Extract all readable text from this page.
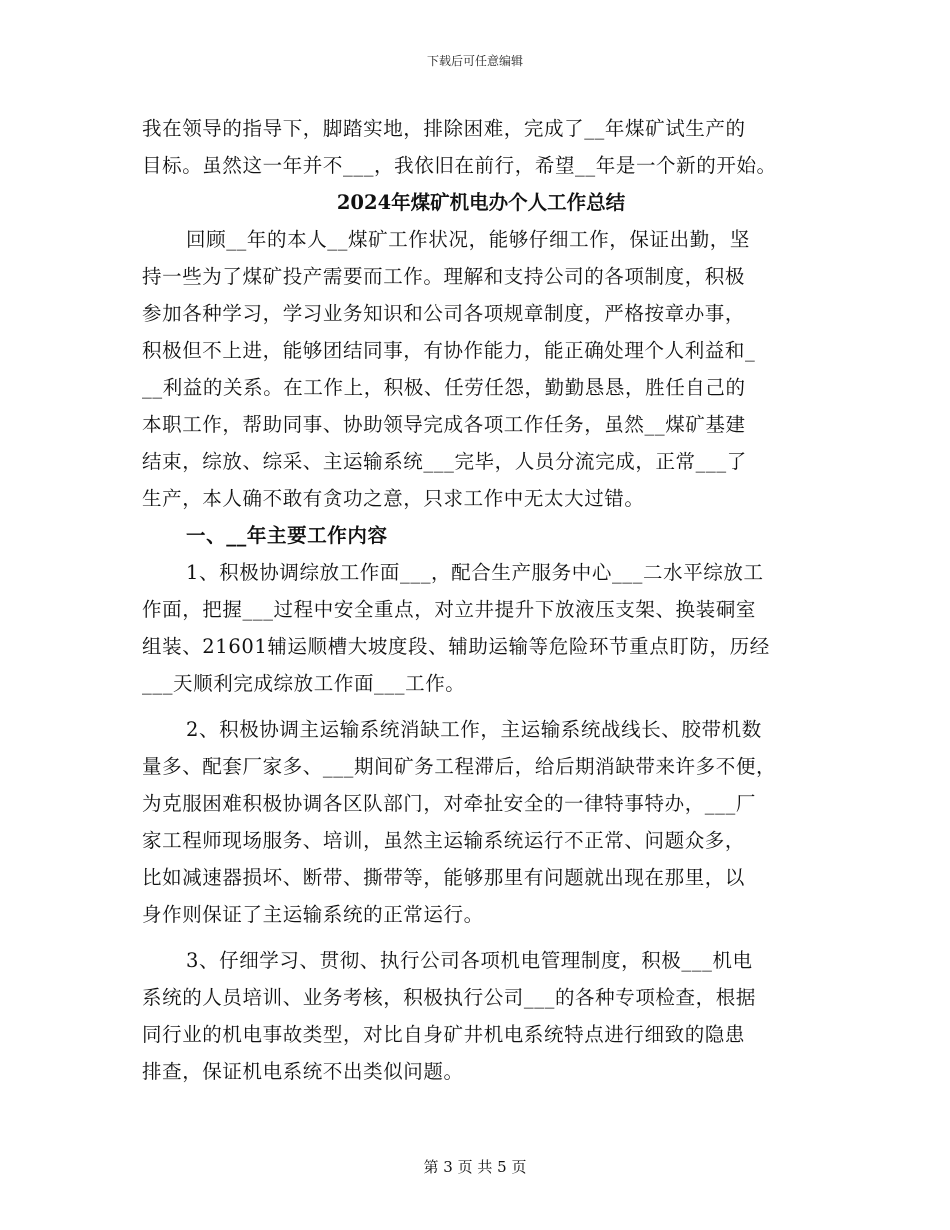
下载后可任意编辑
我在领导的指导下，脚踏实地，排除困难，完成了__年煤矿试生产的
目标。虽然这一年并不___，我依旧在前行，希望__年是一个新的开始。
2024年煤矿机电办个人工作总结
回顾__年的本人__煤矿工作状况，能够仔细工作，保证出勤，坚
持一些为了煤矿投产需要而工作。理解和支持公司的各项制度，积极
参加各种学习，学习业务知识和公司各项规章制度，严格按章办事，
积极但不上进，能够团结同事，有协作能力，能正确处理个人利益和_
__利益的关系。在工作上，积极、任劳任怨，勤勤恳恳，胜任自己的
本职工作，帮助同事、协助领导完成各项工作任务，虽然__煤矿基建
结束，综放、综采、主运输系统___完毕，人员分流完成，正常___了
生产，本人确不敢有贪功之意，只求工作中无太大过错。
一、__年主要工作内容
1、积极协调综放工作面___，配合生产服务中心___二水平综放工
作面，把握___过程中安全重点，对立井提升下放液压支架、换装硐室
组装、21601辅运顺槽大坡度段、辅助运输等危险环节重点盯防，历经
___天顺利完成综放工作面___工作。
2、积极协调主运输系统消缺工作，主运输系统战线长、胶带机数
量多、配套厂家多、___期间矿务工程滞后，给后期消缺带来许多不便，
为克服困难积极协调各区队部门，对牵扯安全的一律特事特办，___厂
家工程师现场服务、培训，虽然主运输系统运行不正常、问题众多，
比如减速器损坏、断带、撕带等，能够那里有问题就出现在那里，以
身作则保证了主运输系统的正常运行。
3、仔细学习、贯彻、执行公司各项机电管理制度，积极___机电
系统的人员培训、业务考核，积极执行公司___的各种专项检查，根据
同行业的机电事故类型，对比自身矿井机电系统特点进行细致的隐患
排查，保证机电系统不出类似问题。
第 3 页 共 5 页
